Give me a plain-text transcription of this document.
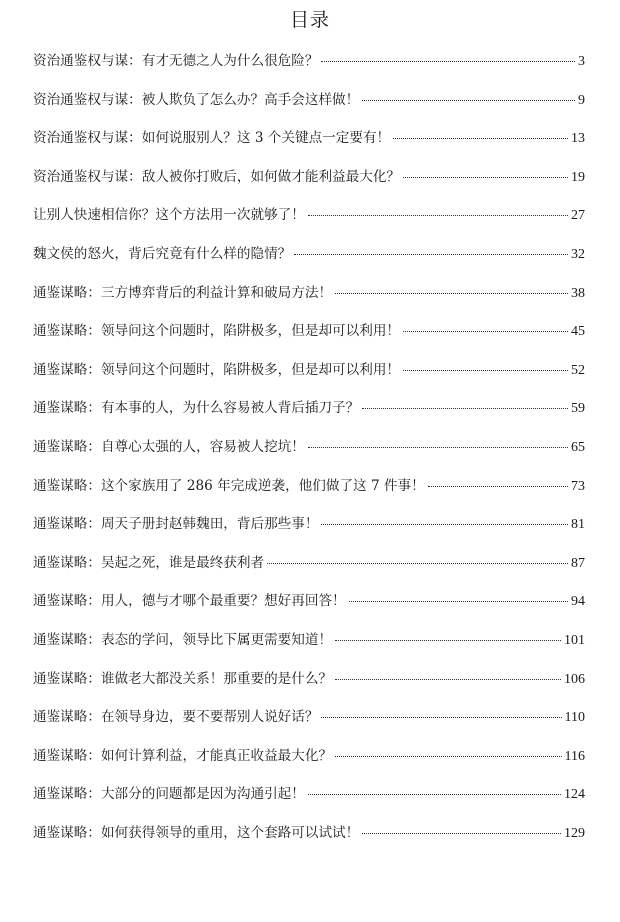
目录
资治通鉴权与谋：有才无德之人为什么很危险？	3
资治通鉴权与谋：被人欺负了怎么办？高手会这样做！	9
资治通鉴权与谋：如何说服别人？这 3 个关键点一定要有！	13
资治通鉴权与谋：敌人被你打败后，如何做才能利益最大化？	19
让别人快速相信你？这个方法用一次就够了！	27
魏文侯的怒火，背后究竟有什么样的隐情？	32
通鉴谋略：三方博弈背后的利益计算和破局方法！	38
通鉴谋略：领导问这个问题时，陷阱极多，但是却可以利用！	45
通鉴谋略：领导问这个问题时，陷阱极多，但是却可以利用！	52
通鉴谋略：有本事的人，为什么容易被人背后插刀子？	59
通鉴谋略：自尊心太强的人，容易被人挖坑！	65
通鉴谋略：这个家族用了 286 年完成逆袭，他们做了这 7 件事！	73
通鉴谋略：周天子册封赵韩魏田，背后那些事！	81
通鉴谋略：吴起之死，谁是最终获利者	87
通鉴谋略：用人，德与才哪个最重要？想好再回答！	94
通鉴谋略：表态的学问，领导比下属更需要知道！	101
通鉴谋略：谁做老大都没关系！那重要的是什么？	106
通鉴谋略：在领导身边，要不要帮别人说好话？	110
通鉴谋略：如何计算利益，才能真正收益最大化？	116
通鉴谋略：大部分的问题都是因为沟通引起！	124
通鉴谋略：如何获得领导的重用，这个套路可以试试！	129
